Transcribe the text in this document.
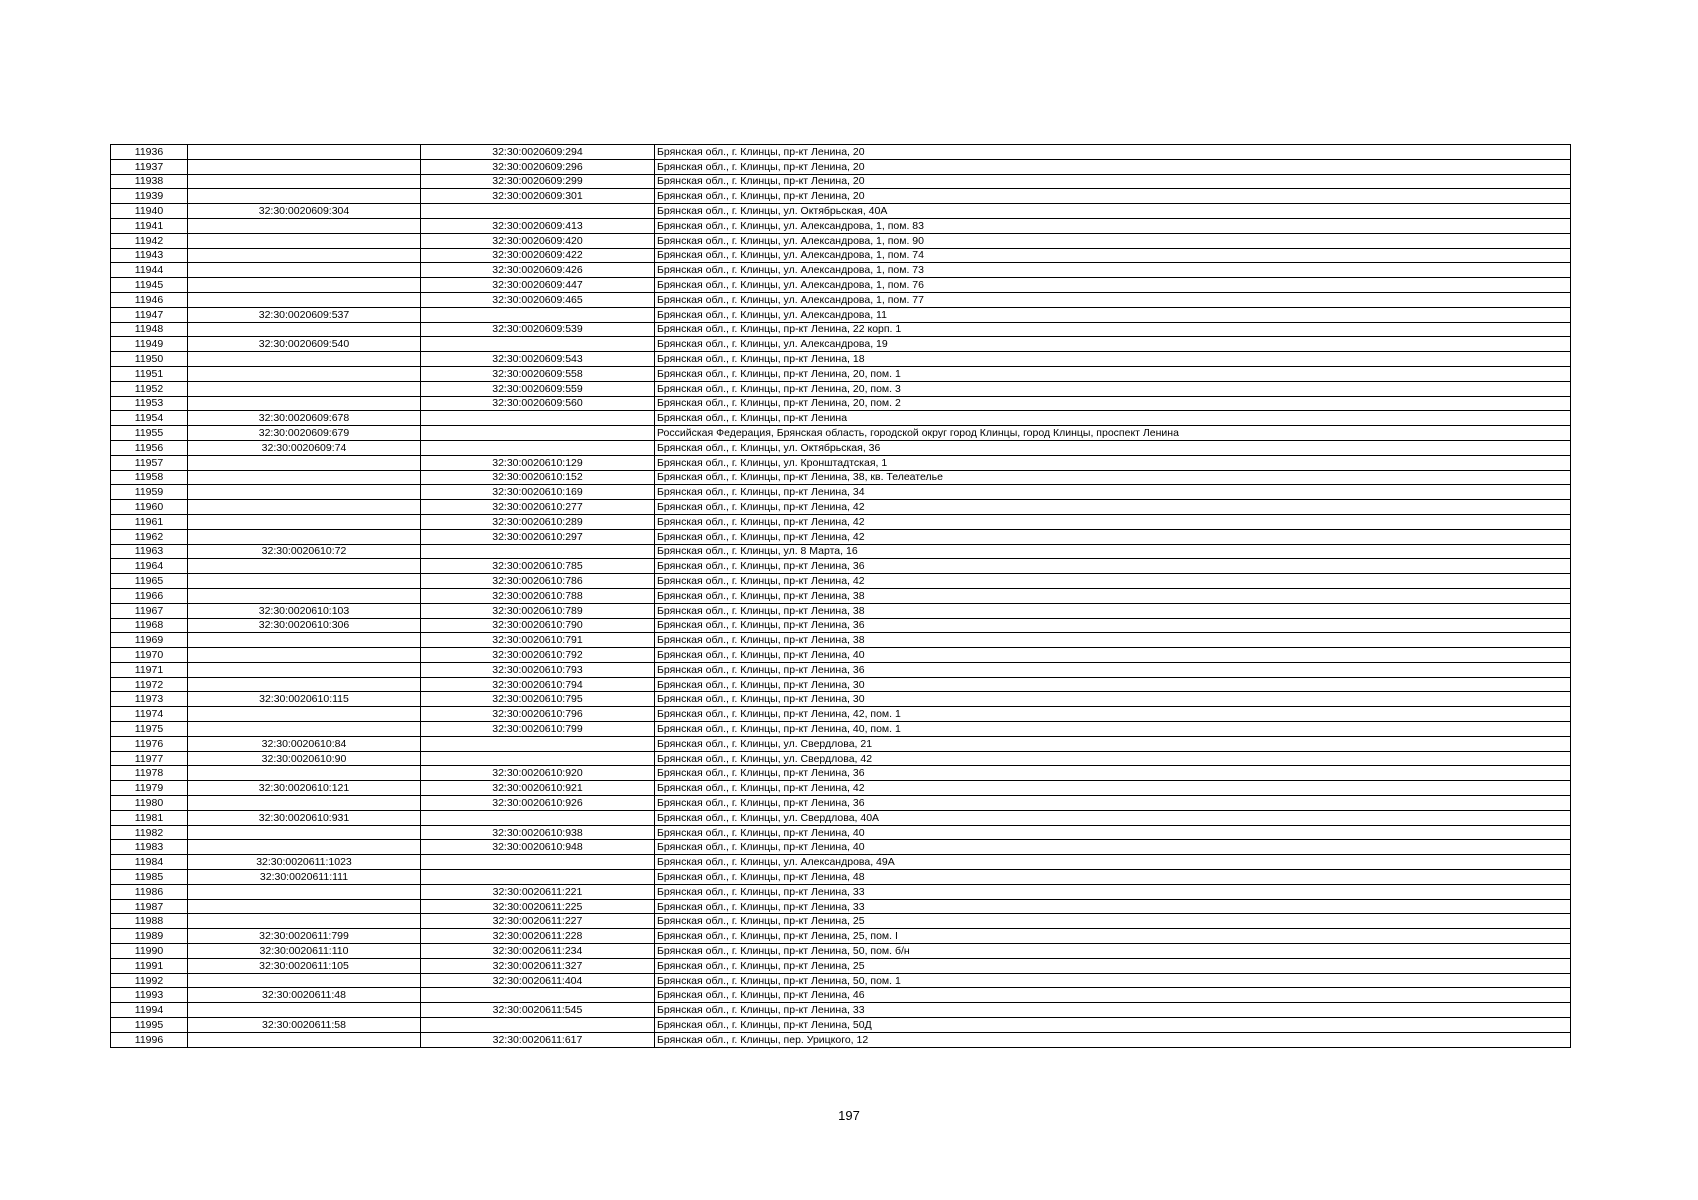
11936		32:30:0020609:294	Брянская обл., г. Клинцы, пр-кт Ленина, 20
11937		32:30:0020609:296	Брянская обл., г. Клинцы, пр-кт Ленина, 20
11938		32:30:0020609:299	Брянская обл., г. Клинцы, пр-кт Ленина, 20
11939		32:30:0020609:301	Брянская обл., г. Клинцы, пр-кт Ленина, 20
11940	32:30:0020609:304		Брянская обл., г. Клинцы, ул. Октябрьская, 40А
11941		32:30:0020609:413	Брянская обл., г. Клинцы, ул. Александрова, 1, пом. 83
11942		32:30:0020609:420	Брянская обл., г. Клинцы, ул. Александрова, 1, пом. 90
11943		32:30:0020609:422	Брянская обл., г. Клинцы, ул. Александрова, 1, пом. 74
11944		32:30:0020609:426	Брянская обл., г. Клинцы, ул. Александрова, 1, пом. 73
11945		32:30:0020609:447	Брянская обл., г. Клинцы, ул. Александрова, 1, пом. 76
11946		32:30:0020609:465	Брянская обл., г. Клинцы, ул. Александрова, 1, пом. 77
11947	32:30:0020609:537		Брянская обл., г. Клинцы, ул. Александрова, 11
11948		32:30:0020609:539	Брянская обл., г. Клинцы, пр-кт Ленина, 22 корп. 1
11949	32:30:0020609:540		Брянская обл., г. Клинцы, ул. Александрова, 19
11950		32:30:0020609:543	Брянская обл., г. Клинцы, пр-кт Ленина, 18
11951		32:30:0020609:558	Брянская обл., г. Клинцы, пр-кт Ленина, 20, пом. 1
11952		32:30:0020609:559	Брянская обл., г. Клинцы, пр-кт Ленина, 20, пом. 3
11953		32:30:0020609:560	Брянская обл., г. Клинцы, пр-кт Ленина, 20, пом. 2
11954	32:30:0020609:678		Брянская обл., г. Клинцы, пр-кт Ленина
11955	32:30:0020609:679		Российская Федерация, Брянская область, городской округ город Клинцы, город Клинцы, проспект Ленина
11956	32:30:0020609:74		Брянская обл., г. Клинцы, ул. Октябрьская, 36
11957		32:30:0020610:129	Брянская обл., г. Клинцы, ул. Кронштадтская, 1
11958		32:30:0020610:152	Брянская обл., г. Клинцы, пр-кт Ленина, 38, кв. Телеателье
11959		32:30:0020610:169	Брянская обл., г. Клинцы, пр-кт Ленина, 34
11960		32:30:0020610:277	Брянская обл., г. Клинцы, пр-кт Ленина, 42
11961		32:30:0020610:289	Брянская обл., г. Клинцы, пр-кт Ленина, 42
11962		32:30:0020610:297	Брянская обл., г. Клинцы, пр-кт Ленина, 42
11963	32:30:0020610:72		Брянская обл., г. Клинцы, ул. 8 Марта, 16
11964		32:30:0020610:785	Брянская обл., г. Клинцы, пр-кт Ленина, 36
11965		32:30:0020610:786	Брянская обл., г. Клинцы, пр-кт Ленина, 42
11966		32:30:0020610:788	Брянская обл., г. Клинцы, пр-кт Ленина, 38
11967	32:30:0020610:103	32:30:0020610:789	Брянская обл., г. Клинцы, пр-кт Ленина, 38
11968	32:30:0020610:306	32:30:0020610:790	Брянская обл., г. Клинцы, пр-кт Ленина, 36
11969		32:30:0020610:791	Брянская обл., г. Клинцы, пр-кт Ленина, 38
11970		32:30:0020610:792	Брянская обл., г. Клинцы, пр-кт Ленина, 40
11971		32:30:0020610:793	Брянская обл., г. Клинцы, пр-кт Ленина, 36
11972		32:30:0020610:794	Брянская обл., г. Клинцы, пр-кт Ленина, 30
11973	32:30:0020610:115	32:30:0020610:795	Брянская обл., г. Клинцы, пр-кт Ленина, 30
11974		32:30:0020610:796	Брянская обл., г. Клинцы, пр-кт Ленина, 42, пом. 1
11975		32:30:0020610:799	Брянская обл., г. Клинцы, пр-кт Ленина, 40, пом. 1
11976	32:30:0020610:84		Брянская обл., г. Клинцы, ул. Свердлова, 21
11977	32:30:0020610:90		Брянская обл., г. Клинцы, ул. Свердлова, 42
11978		32:30:0020610:920	Брянская обл., г. Клинцы, пр-кт Ленина, 36
11979	32:30:0020610:121	32:30:0020610:921	Брянская обл., г. Клинцы, пр-кт Ленина, 42
11980		32:30:0020610:926	Брянская обл., г. Клинцы, пр-кт Ленина, 36
11981	32:30:0020610:931		Брянская обл., г. Клинцы, ул. Свердлова, 40А
11982		32:30:0020610:938	Брянская обл., г. Клинцы, пр-кт Ленина, 40
11983		32:30:0020610:948	Брянская обл., г. Клинцы, пр-кт Ленина, 40
11984	32:30:0020611:1023		Брянская обл., г. Клинцы, ул. Александрова, 49А
11985	32:30:0020611:111		Брянская обл., г. Клинцы, пр-кт Ленина, 48
11986		32:30:0020611:221	Брянская обл., г. Клинцы, пр-кт Ленина, 33
11987		32:30:0020611:225	Брянская обл., г. Клинцы, пр-кт Ленина, 33
11988		32:30:0020611:227	Брянская обл., г. Клинцы, пр-кт Ленина, 25
11989	32:30:0020611:799	32:30:0020611:228	Брянская обл., г. Клинцы, пр-кт Ленина, 25, пом. I
11990	32:30:0020611:110	32:30:0020611:234	Брянская обл., г. Клинцы, пр-кт Ленина, 50, пом. б/н
11991	32:30:0020611:105	32:30:0020611:327	Брянская обл., г. Клинцы, пр-кт Ленина, 25
11992		32:30:0020611:404	Брянская обл., г. Клинцы, пр-кт Ленина, 50, пом. 1
11993	32:30:0020611:48		Брянская обл., г. Клинцы, пр-кт Ленина, 46
11994		32:30:0020611:545	Брянская обл., г. Клинцы, пр-кт Ленина, 33
11995	32:30:0020611:58		Брянская обл., г. Клинцы, пр-кт Ленина, 50Д
11996		32:30:0020611:617	Брянская обл., г. Клинцы, пер. Урицкого, 12
197
